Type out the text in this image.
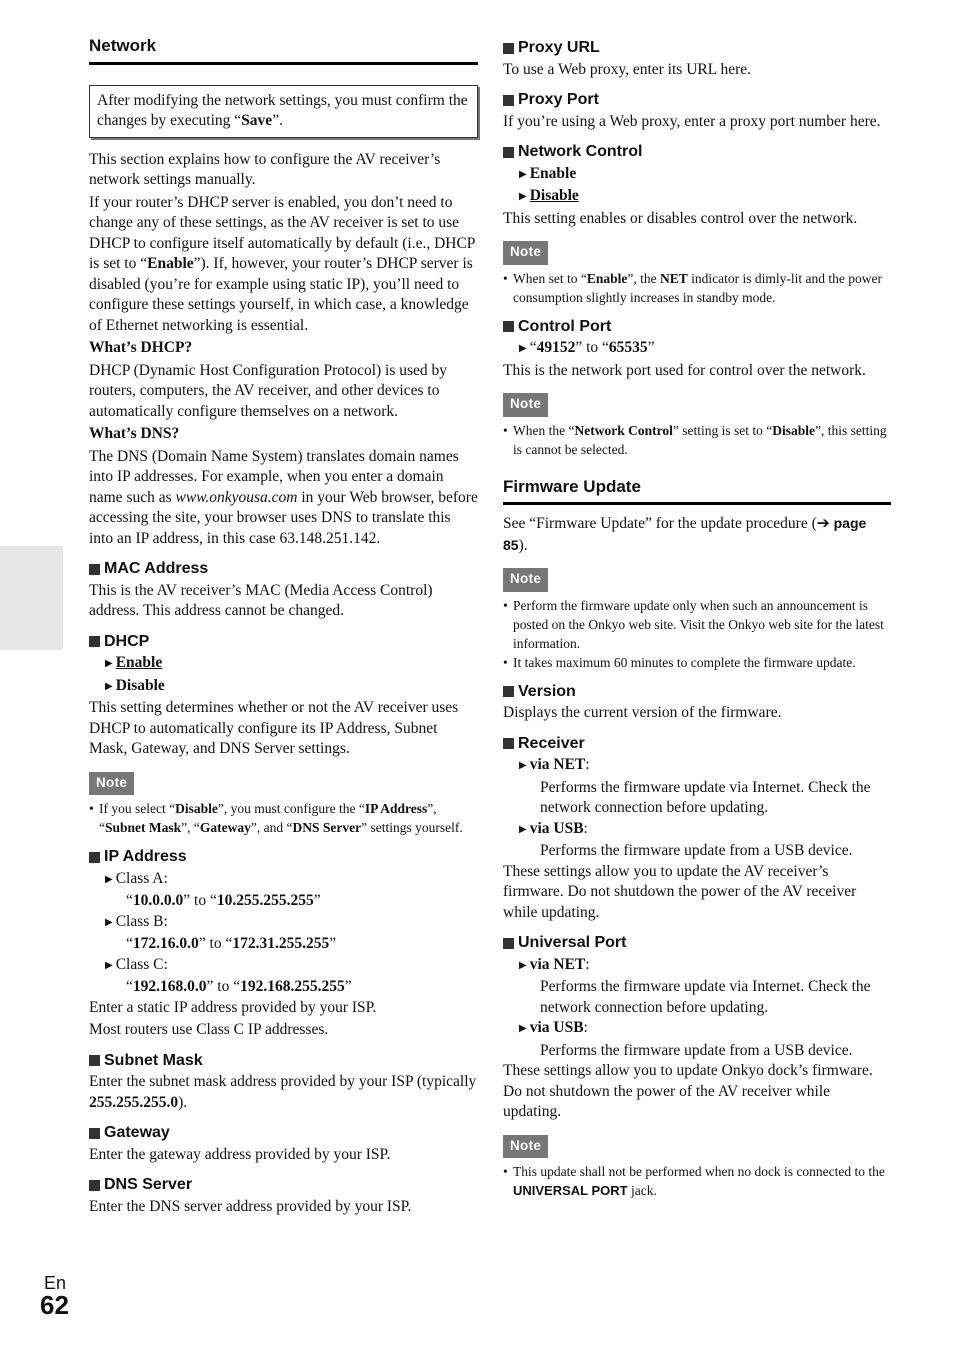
En
62
Network
After modifying the network settings, you must confirm the changes by executing “Save”.

This section explains how to configure the AV receiver’s network settings manually.

If your router’s DHCP server is enabled, you don’t need to change any of these settings, as the AV receiver is set to use DHCP to configure itself automatically by default (i.e., DHCP is set to “Enable”). If, however, your router’s DHCP server is disabled (you’re for example using static IP), you’ll need to configure these settings yourself, in which case, a knowledge of Ethernet networking is essential.

What’s DHCP?

DHCP (Dynamic Host Configuration Protocol) is used by routers, computers, the AV receiver, and other devices to automatically configure themselves on a network.

What’s DNS?

The DNS (Domain Name System) translates domain names into IP addresses. For example, when you enter a domain name such as www.onkyousa.com in your Web browser, before accessing the site, your browser uses DNS to translate this into an IP address, in this case 63.148.251.142.

MAC Address

This is the AV receiver’s MAC (Media Access Control) address. This address cannot be changed.

DHCP
▶ Enable
▶ Disable

This setting determines whether or not the AV receiver uses DHCP to automatically configure its IP Address, Subnet Mask, Gateway, and DNS Server settings.

Note
• If you select “Disable”, you must configure the “IP Address”, “Subnet Mask”, “Gateway”, and “DNS Server” settings yourself.
IP Address
▶ Class A:
“10.0.0.0” to “10.255.255.255”
▶ Class B:
“172.16.0.0” to “172.31.255.255”
▶ Class C:
“192.168.0.0” to “192.168.255.255”

Enter a static IP address provided by your ISP.

Most routers use Class C IP addresses.

Subnet Mask

Enter the subnet mask address provided by your ISP (typically 255.255.255.0).

Gateway

Enter the gateway address provided by your ISP.

DNS Server

Enter the DNS server address provided by your ISP.

Proxy URL

To use a Web proxy, enter its URL here.

Proxy Port

If you’re using a Web proxy, enter a proxy port number here.

Network Control
▶ Enable
▶ Disable

This setting enables or disables control over the network.

Note
• When set to “Enable”, the NET indicator is dimly-lit and the power consumption slightly increases in standby mode.
Control Port
▶ “49152” to “65535”

This is the network port used for control over the network.

Note
• When the “Network Control” setting is set to “Disable”, this setting is cannot be selected.
Firmware Update

See “Firmware Update” for the update procedure (➔ page 85).

Note
• Perform the firmware update only when such an announcement is posted on the Onkyo web site. Visit the Onkyo web site for the latest information.
• It takes maximum 60 minutes to complete the firmware update.
Version

Displays the current version of the firmware.

Receiver
▶ via NET:
Performs the firmware update via Internet. Check the network connection before updating.
▶ via USB:
Performs the firmware update from a USB device.

These settings allow you to update the AV receiver’s firmware. Do not shutdown the power of the AV receiver while updating.

Universal Port
▶ via NET:
Performs the firmware update via Internet. Check the network connection before updating.
▶ via USB:
Performs the firmware update from a USB device.

These settings allow you to update Onkyo dock’s firmware. Do not shutdown the power of the AV receiver while updating.

Note
• This update shall not be performed when no dock is connected to the UNIVERSAL PORT jack.
